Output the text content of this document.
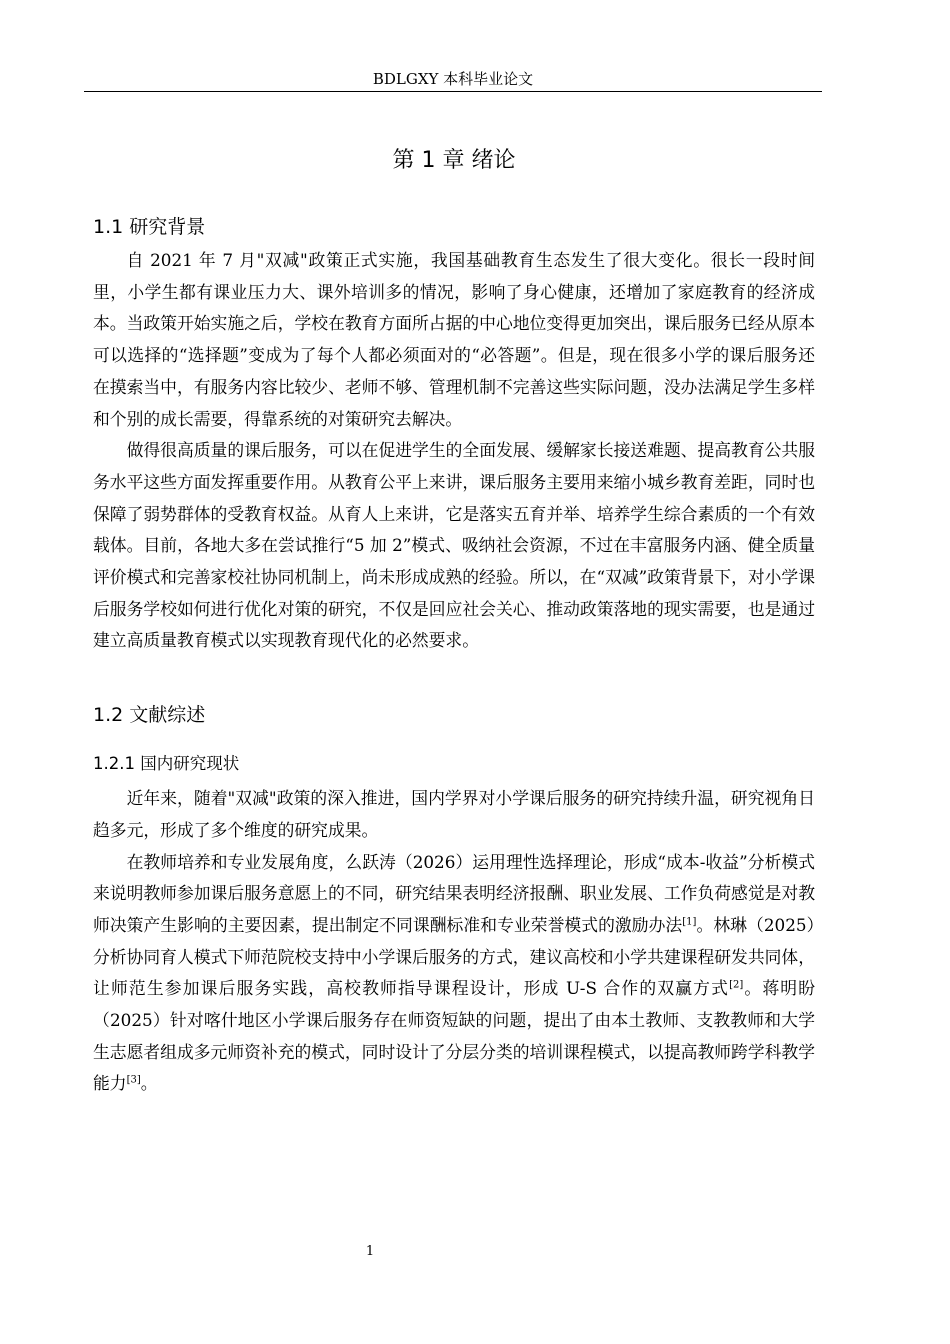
BDLGXY 本科毕业论文
第 1 章 绪论
1.1 研究背景

自 2021 年 7 月"双减"政策正式实施，我国基础教育生态发生了很大变化。很长一段时间里，小学生都有课业压力大、课外培训多的情况，影响了身心健康，还增加了家庭教育的经济成本。当政策开始实施之后，学校在教育方面所占据的中心地位变得更加突出，课后服务已经从原本可以选择的“选择题”变成为了每个人都必须面对的“必答题”。但是，现在很多小学的课后服务还在摸索当中，有服务内容比较少、老师不够、管理机制不完善这些实际问题，没办法满足学生多样和个别的成长需要，得靠系统的对策研究去解决。

做得很高质量的课后服务，可以在促进学生的全面发展、缓解家长接送难题、提高教育公共服务水平这些方面发挥重要作用。从教育公平上来讲，课后服务主要用来缩小城乡教育差距，同时也保障了弱势群体的受教育权益。从育人上来讲，它是落实五育并举、培养学生综合素质的一个有效载体。目前，各地大多在尝试推行“5 加 2”模式、吸纳社会资源，不过在丰富服务内涵、健全质量评价模式和完善家校社协同机制上，尚未形成成熟的经验。所以，在“双减”政策背景下，对小学课后服务学校如何进行优化对策的研究，不仅是回应社会关心、推动政策落地的现实需要，也是通过建立高质量教育模式以实现教育现代化的必然要求。

1.2 文献综述
1.2.1 国内研究现状

近年来，随着"双减"政策的深入推进，国内学界对小学课后服务的研究持续升温，研究视角日趋多元，形成了多个维度的研究成果。

在教师培养和专业发展角度，么跃涛（2026）运用理性选择理论，形成“成本-收益”分析模式来说明教师参加课后服务意愿上的不同，研究结果表明经济报酬、职业发展、工作负荷感觉是对教师决策产生影响的主要因素，提出制定不同课酬标准和专业荣誉模式的激励办法[1]。林琳（2025）分析协同育人模式下师范院校支持中小学课后服务的方式，建议高校和小学共建课程研发共同体，让师范生参加课后服务实践，高校教师指导课程设计，形成 U-S 合作的双赢方式[2]。蒋明盼（2025）针对喀什地区小学课后服务存在师资短缺的问题，提出了由本土教师、支教教师和大学生志愿者组成多元师资补充的模式，同时设计了分层分类的培训课程模式，以提高教师跨学科教学能力[3]。

1
